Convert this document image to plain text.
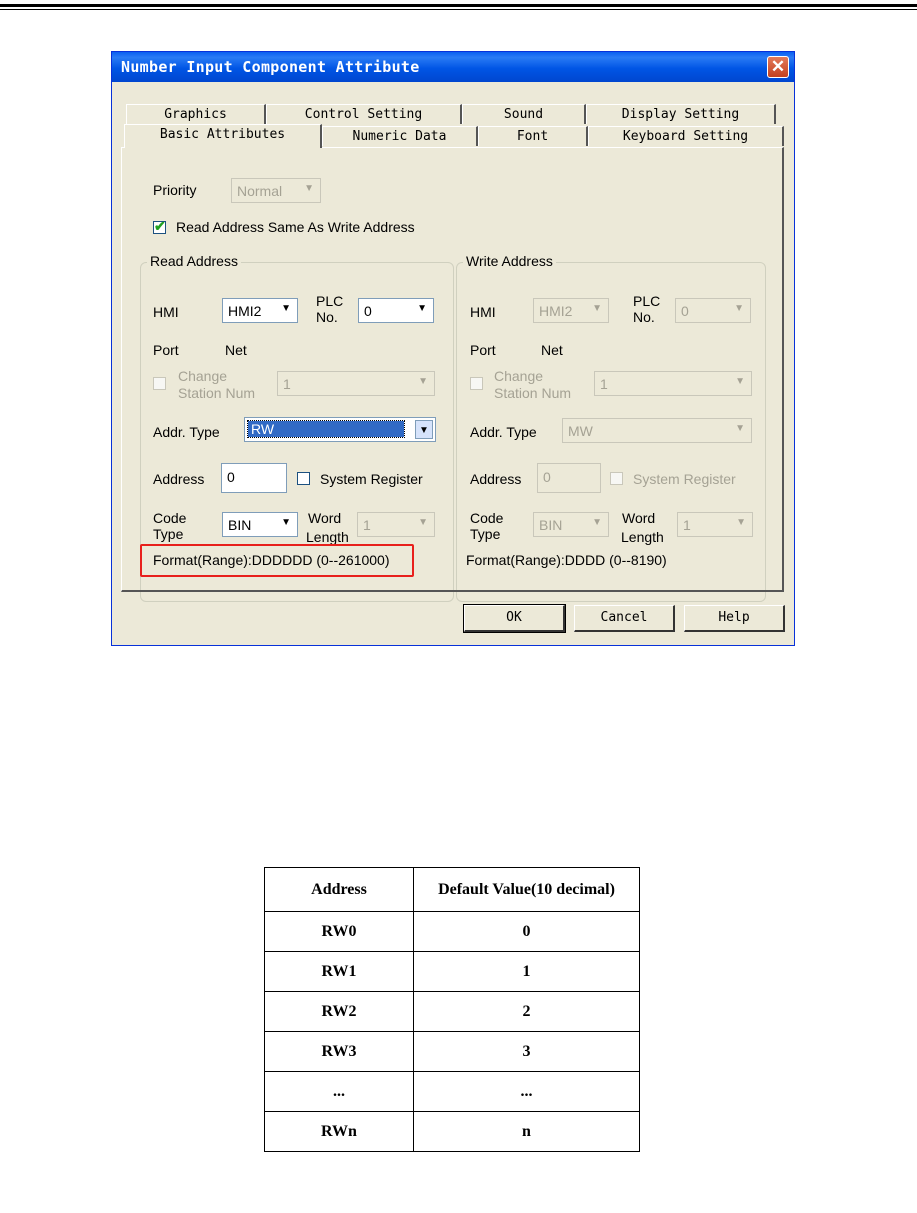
Number Input Component Attribute	✕
Graphics	Control Setting	Sound	Display Setting
Basic Attributes	Numeric Data	Font	Keyboard Setting
Priority	Normal ▼
✔ Read Address Same As Write Address
Read Address
HMI	HMI2 ▼ PLC
No. 0	▼
Port	Net
Change
Station Num
1	▼
Addr. Type RW	▼
Address 0	System Register
Code
Type
BIN	▼ Word
Length
1	▼
Format(Range):DDDDDD (0--261000)
Write Address
HMI	HMI2 ▼ PLC
No. 0	▼
Port	Net
Change
Station Num
1	▼
Addr. Type MW	▼
Address 0	System Register
Code
Type
BIN	▼ Word
Length
1	▼
Format(Range):DDDD (0--8190)
OK	Cancel	Help
Address	Default Value(10 decimal)
RW0	0
RW1	1
RW2	2
RW3	3
...	...
RWn	n
